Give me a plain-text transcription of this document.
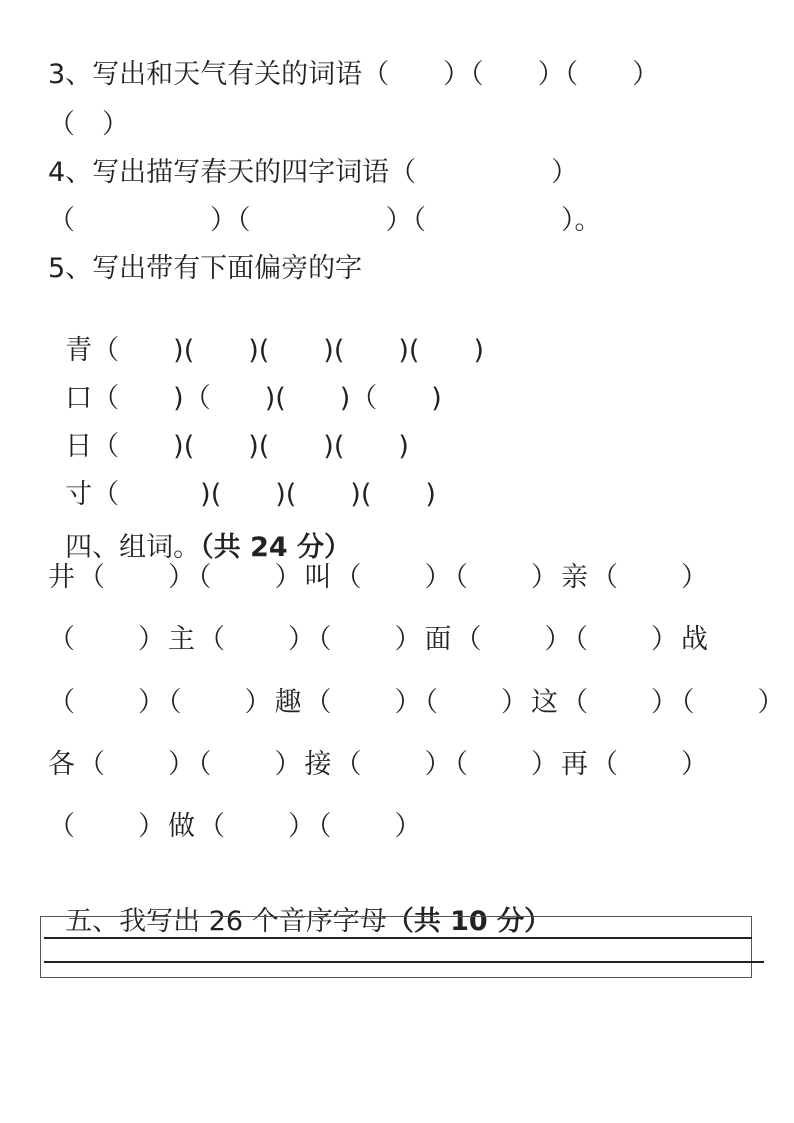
3、写出和天气有关的词语（　　）（　　）（　　）
（　）
4、写出描写春天的四字词语（　　　　　）
（　　　　　）（　　　　　）（　　　　　）。
5、写出带有下面偏旁的字

青（　　)(　　)(　　)(　　)(　　)

口（　　)（　　)(　　)（　　)

日（　　)(　　)(　　)(　　)

寸（　　　)(　　)(　　)(　　)

四、组词。（共 24 分）

井（　　）（　　）叫（　　）（　　）亲（　　）
（　　）主（　　）（　　）面（　　）（　　）战
（　　）（　　）趣（　　）（　　）这（　　）（　　）
各（　　）（　　）接（　　）（　　）再（　　）
（　　）做（　　）（　　）

五、我写出 26 个音序字母（共 10 分）
